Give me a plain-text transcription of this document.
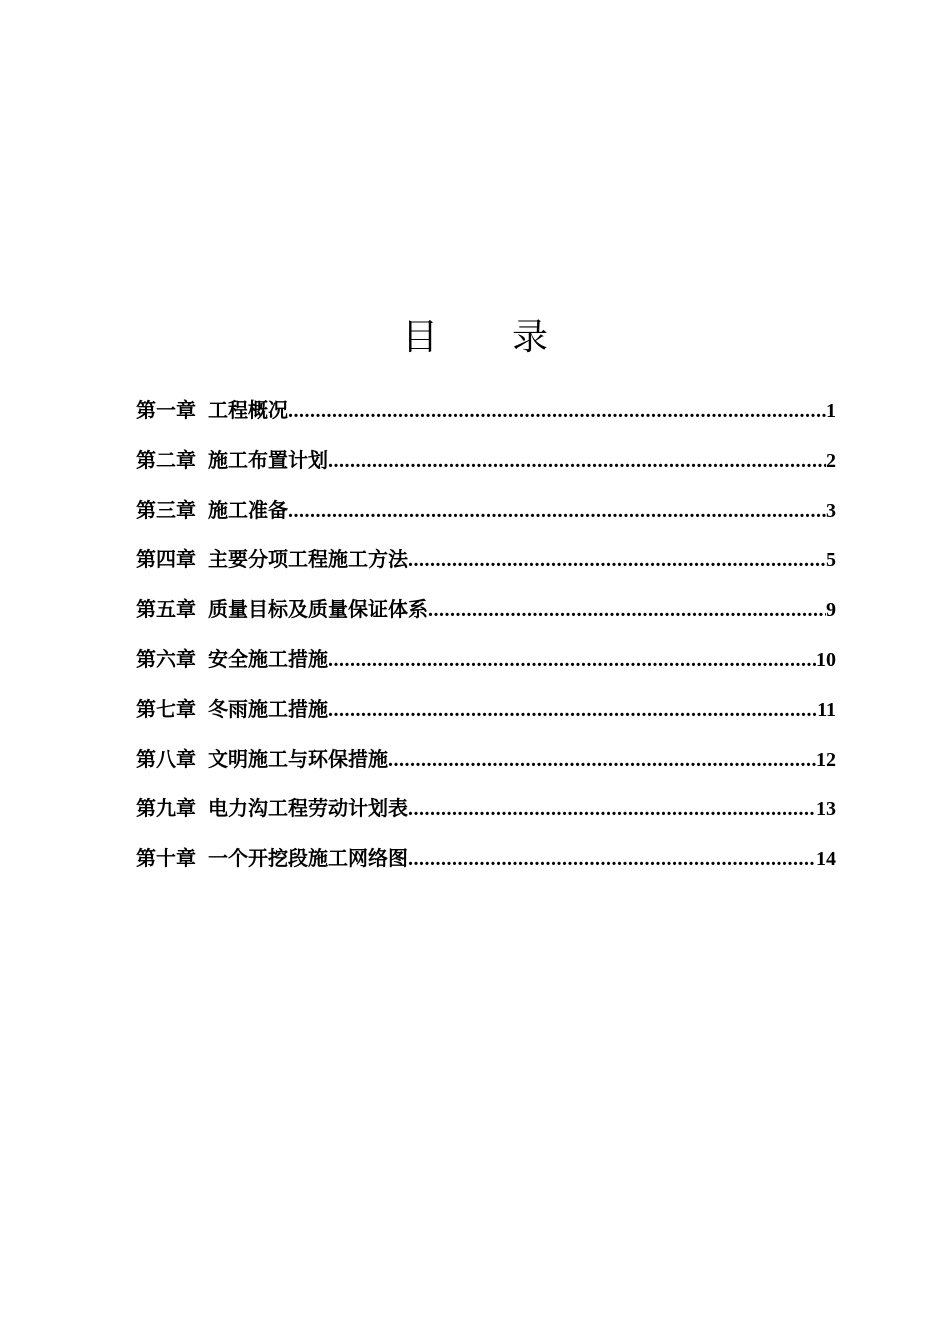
目 录
第一章 工程概况 .....	1
第二章 施工布置计划 .....	2
第三章 施工准备 .....	3
第四章 主要分项工程施工方法 .....	5
第五章 质量目标及质量保证体系 .....	9
第六章 安全施工措施 .....	10
第七章 冬雨施工措施 .....	11
第八章 文明施工与环保措施 .....	12
第九章 电力沟工程劳动计划表 .....	13
第十章 一个开挖段施工网络图 .....	14
